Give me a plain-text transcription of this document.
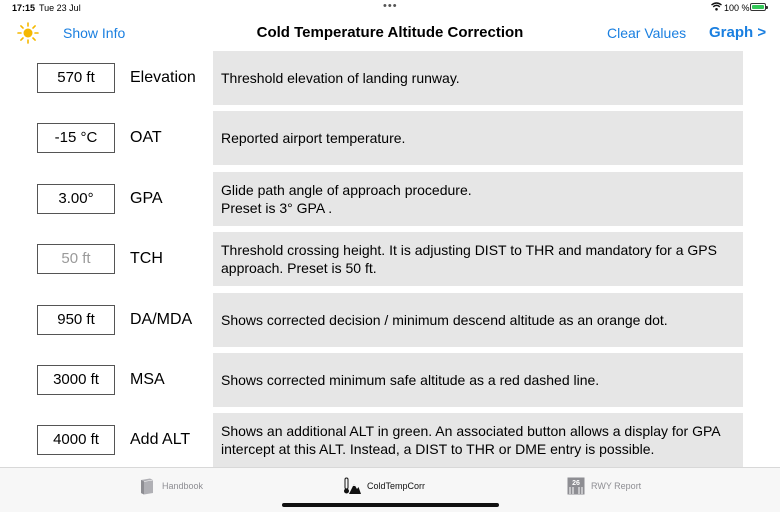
17:15 Tue 23 Jul	•••	100 %
Show Info	Cold Temperature Altitude Correction	Clear Values Graph >
570 ft	Elevation	Threshold elevation of landing runway.
-15 °C	OAT	Reported airport temperature.
3.00°	GPA	Glide path angle of approach procedure.
Preset is 3° GPA .
50 ft	TCH	Threshold crossing height. It is adjusting DIST to THR and mandatory for a GPS approach. Preset is 50 ft.
950 ft	DA/MDA	Shows corrected decision / minimum descend altitude as an orange dot.
3000 ft	MSA	Shows corrected minimum safe altitude as a red dashed line.
4000 ft	Add ALT	Shows an additional ALT in green. An associated button allows a display for GPA intercept at this ALT. Instead, a DIST to THR or DME entry is possible.
Handbook	ColdTempCorr	26 RWY Report
